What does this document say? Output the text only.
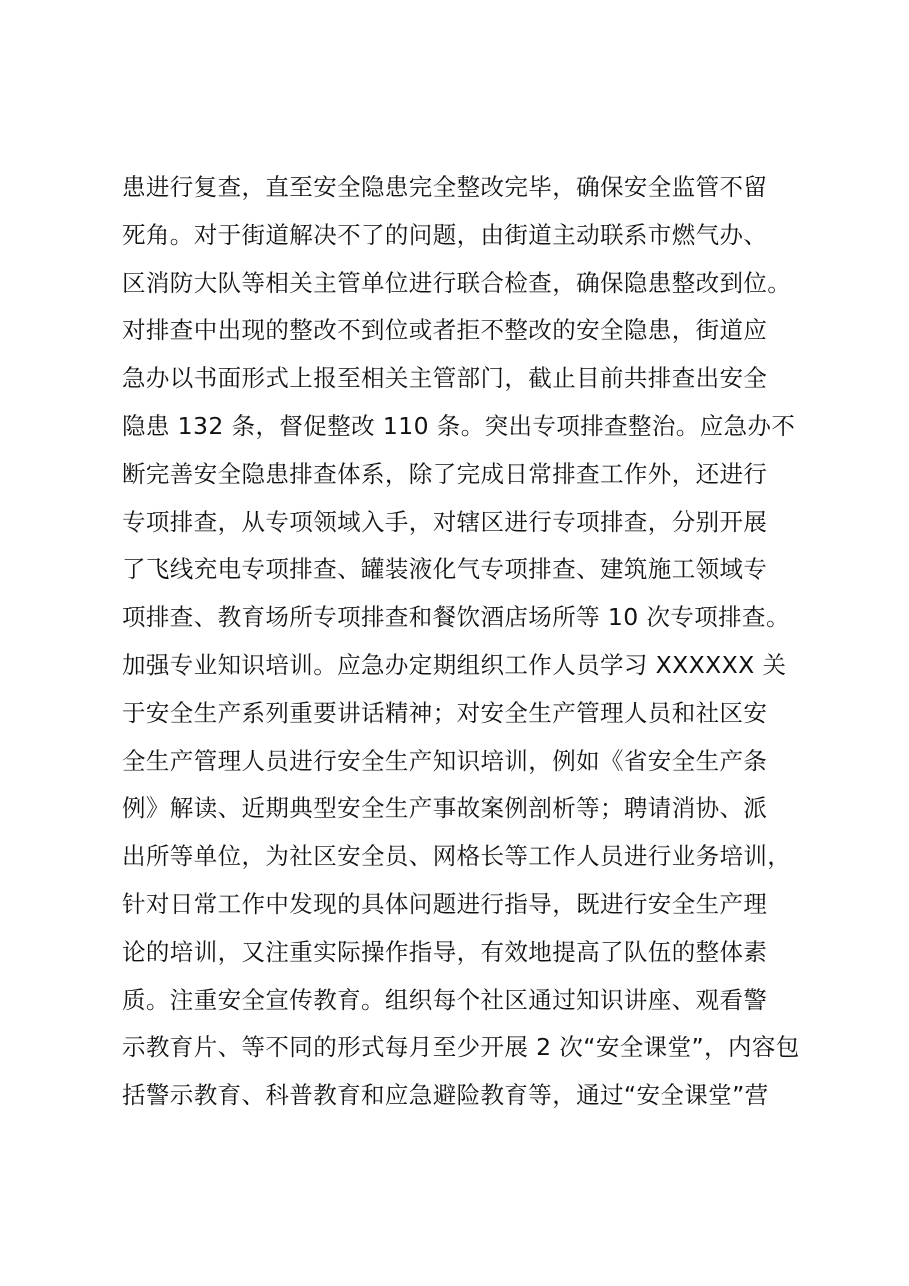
患进行复查，直至安全隐患完全整改完毕，确保安全监管不留
死角。对于街道解决不了的问题，由街道主动联系市燃气办、
区消防大队等相关主管单位进行联合检查，确保隐患整改到位。
对排查中出现的整改不到位或者拒不整改的安全隐患，街道应
急办以书面形式上报至相关主管部门，截止目前共排查出安全
隐患 132 条，督促整改 110 条。突出专项排查整治。应急办不
断完善安全隐患排查体系，除了完成日常排查工作外，还进行
专项排查，从专项领域入手，对辖区进行专项排查，分别开展
了飞线充电专项排查、罐装液化气专项排查、建筑施工领域专
项排查、教育场所专项排查和餐饮酒店场所等 10 次专项排查。
加强专业知识培训。应急办定期组织工作人员学习 XXXXXX 关
于安全生产系列重要讲话精神；对安全生产管理人员和社区安
全生产管理人员进行安全生产知识培训，例如《省安全生产条
例》解读、近期典型安全生产事故案例剖析等；聘请消协、派
出所等单位，为社区安全员、网格长等工作人员进行业务培训，
针对日常工作中发现的具体问题进行指导，既进行安全生产理
论的培训，又注重实际操作指导，有效地提高了队伍的整体素
质。注重安全宣传教育。组织每个社区通过知识讲座、观看警
示教育片、等不同的形式每月至少开展 2 次“安全课堂”，内容包
括警示教育、科普教育和应急避险教育等，通过“安全课堂”营
